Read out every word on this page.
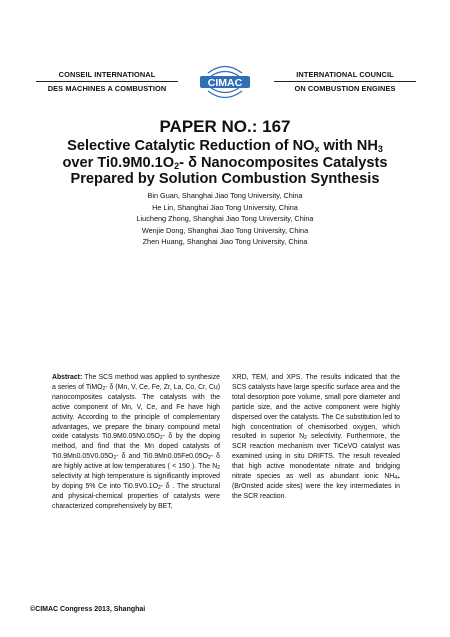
CONSEIL INTERNATIONAL
DES MACHINES A COMBUSTION	CIMAC
INTERNATIONAL COUNCIL
ON COMBUSTION ENGINES
PAPER NO.: 167
Selective Catalytic Reduction of $NO_x$ with $NH_3$
over $Ti0.9M0.1O_2-$ δ Nanocomposites Catalysts
Prepared by Solution Combustion Synthesis
Bin Guan, Shanghai Jiao Tong University, China
He Lin, Shanghai Jiao Tong University, China
Liucheng Zhong, Shanghai Jiao Tong University, China
Wenjie Dong, Shanghai Jiao Tong University, China
Zhen Huang, Shanghai Jiao Tong University, China
Abstract: The SCS method was applied to synthesize a series of TiMO$_2$- δ (Mn, V, Ce, Fe, Zr, La, Co, Cr, Cu) nanocomposites catalysts. The catalysts with the active component of Mn, V, Ce, and Fe have high activity. According to the principle of complementary advantages, we prepare the binary compound metal oxide catalysts $Ti0.9M0.05N0.05O_2-$ δ by the doping method, and find that the Mn doped catalysts of $Ti0.9Mn0.05V0.05O_2-$ δ and $Ti0.9Mn0.05Fe0.05O_2-$ δ are highly active at low temperatures ( < 150 ). The $N_2$ selectivity at high temperature is significantly improved by doping 5% Ce into $Ti0.9V0.1O_2-$ δ . The structural and physical-chemical properties of catalysts were characterized comprehensively by BET,
XRD, TEM, and XPS. The results indicated that the SCS catalysts have large specific surface area and the total desorption pore volume, small pore diameter and particle size, and the active component were highly dispersed over the catalysts. The Ce substitution led to high concentration of chemisorbed oxygen, which resulted in superior $N_2$ selectivity. Furthermore, the SCR reaction mechanism over TiCeVO catalyst was examined using in situ DRIFTS. The result revealed that high active monodentate nitrate and bridging nitrate species as well as abundant ionic $NH_{4+}$ (BrOnsted acide sites) were the key intermediates in the SCR reaction.
©CIMAC Congress 2013, Shanghai
